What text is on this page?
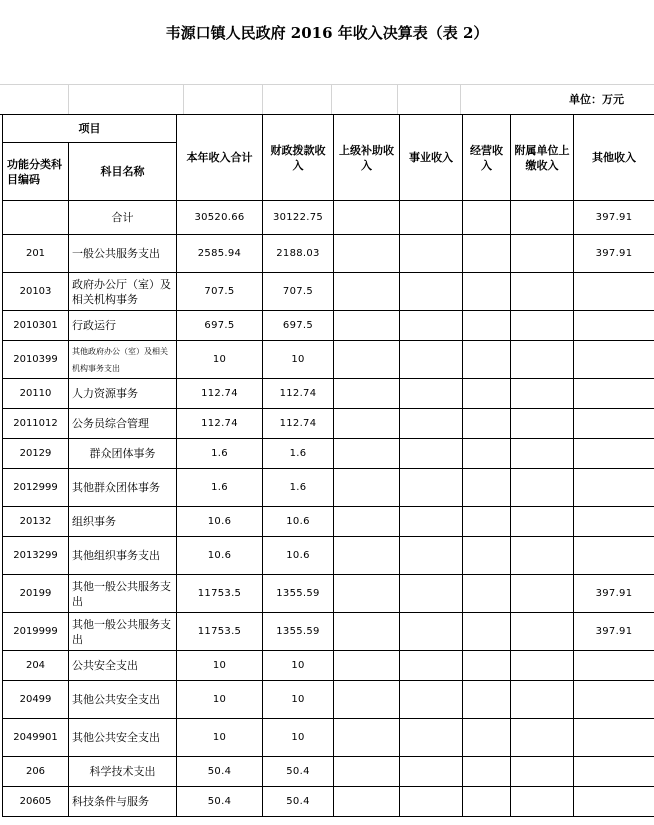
韦源口镇人民政府 2016 年收入决算表（表 2）
单位：万元
项目		本年收入合计	财政拨款收入	上级补助收入	事业收入	经营收入	附属单位上缴收入	其他收入
功能分类科目编码	科目名称							
	合计	30520.66	30122.75					397.91
201	一般公共服务支出	2585.94	2188.03					397.91
20103	政府办公厅（室）及相关机构事务	707.5	707.5					
2010301	行政运行	697.5	697.5					
2010399	其他政府办公（室）及相关机构事务支出	10	10					
20110	人力资源事务	112.74	112.74					
2011012	公务员综合管理	112.74	112.74					
20129	群众团体事务	1.6	1.6					
2012999	其他群众团体事务	1.6	1.6					
20132	组织事务	10.6	10.6					
2013299	其他组织事务支出	10.6	10.6					
20199	其他一般公共服务支出	11753.5	1355.59					397.91
2019999	其他一般公共服务支出	11753.5	1355.59					397.91
204	公共安全支出	10	10					
20499	其他公共安全支出	10	10					
2049901	其他公共安全支出	10	10					
206	科学技术支出	50.4	50.4					
20605	科技条件与服务	50.4	50.4					
